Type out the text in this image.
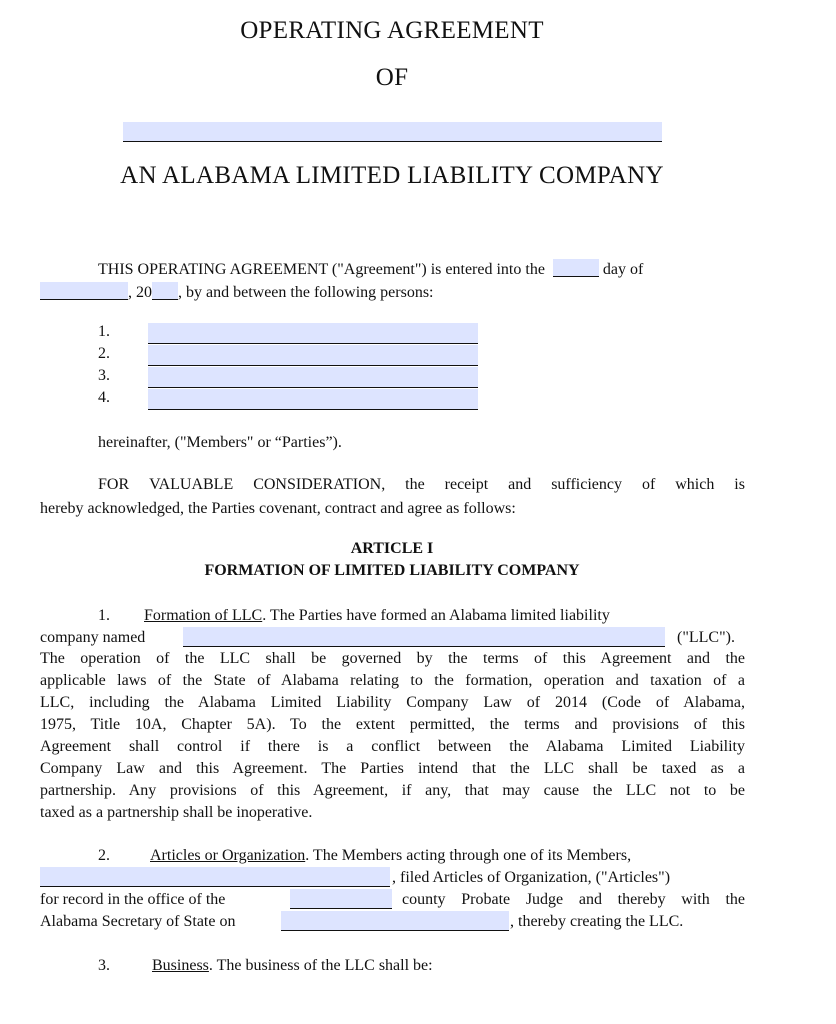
OPERATING AGREEMENT
OF
AN ALABAMA LIMITED LIABILITY COMPANY
THIS OPERATING AGREEMENT ("Agreement") is entered into the	day of
, 20 , by and between the following persons:
1.
2.
3.
4.
hereinafter, ("Members" or “Parties”).
FOR VALUABLE CONSIDERATION, the receipt and sufficiency of which is
hereby acknowledged, the Parties covenant, contract and agree as follows:
ARTICLE I
FORMATION OF LIMITED LIABILITY COMPANY
1. Formation of LLC. The Parties have formed an Alabama limited liability
company named	("LLC").
The operation of the LLC shall be governed by the terms of this Agreement and the
applicable laws of the State of Alabama relating to the formation, operation and taxation of a
LLC, including the Alabama Limited Liability Company Law of 2014 (Code of Alabama,
1975, Title 10A, Chapter 5A). To the extent permitted, the terms and provisions of this
Agreement shall control if there is a conflict between the Alabama Limited Liability
Company Law and this Agreement. The Parties intend that the LLC shall be taxed as a
partnership. Any provisions of this Agreement, if any, that may cause the LLC not to be
taxed as a partnership shall be inoperative.
2.	Articles or Organization. The Members acting through one of its Members,
, filed Articles of Organization, ("Articles")
for record in the office of the	county Probate Judge and thereby with the
Alabama Secretary of State on	, thereby creating the LLC.
3.	Business. The business of the LLC shall be:
